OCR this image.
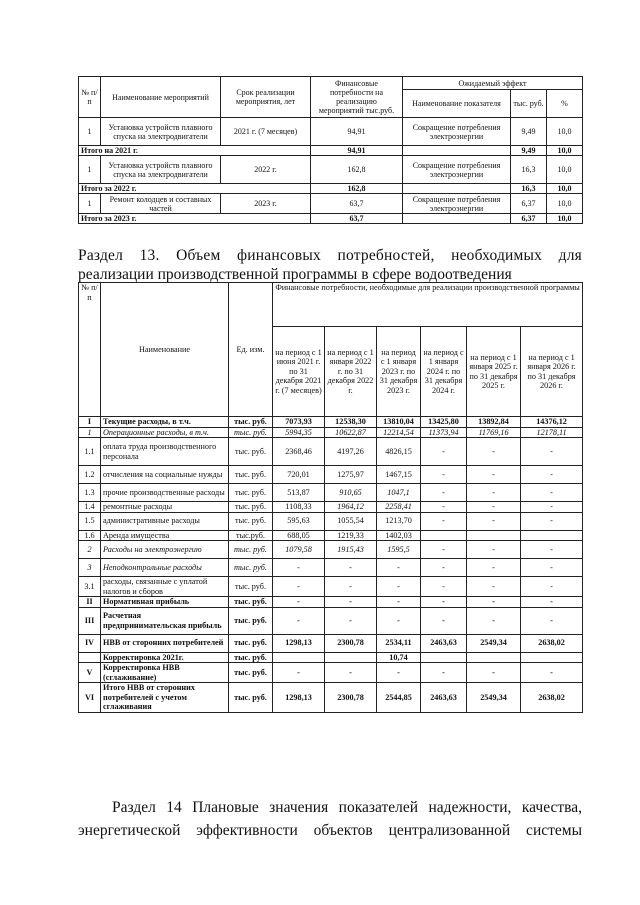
№ п/ п	Наименование мероприятий	Срок реализации мероприятия, лет	Финансовые потребности на реализацию мероприятий тыс.руб.	Ожидаемый эффект		
				Наименование показателя	тыс. руб.	%
1	Установка устройств плавного спуска на электродвигатели	2021 г. (7 месяцев)	94,91	Сокращение потребления электроэнергии	9,49	10,0
Итого на 2021 г.			94,91		9,49	10,0
1	Установка устройств плавного спуска на электродвигатели	2022 г.	162,8	Сокращение потребления электроэнергии	16,3	10,0
Итого за 2022 г.			162,8		16,3	10,0
1	Ремонт колодцев и составных частей	2023 г.	63,7	Сокращение потребления электроэнергии	6,37	10,0
Итого за 2023 г.			63,7		6,37	10,0
Раздел 13. Объем финансовых потребностей, необходимых для
реализации производственной программы в сфере водоотведения
№ п/ п	Наименование	Ед. изм.	Финансовые потребности, необходимые для реализации производственной программы					
			на период с 1 июня 2021 г. по 31 декабря 2021 г. (7 месяцев)	на период с 1 января 2022 г. по 31 декабря 2022 г.	на период с 1 января 2023 г. по 31 декабря 2023 г.	на период с 1 января 2024 г. по 31 декабря 2024 г.	на период с 1 января 2025 г. по 31 декабря 2025 г.	на период с 1 января 2026 г. по 31 декабря 2026 г.
I	Текущие расходы, в т.ч.	тыс. руб.	7073,93	12538,30	13810,04	13425,80	13892,84	14376,12
1	Операционные расходы, в т.ч.	тыс. руб.	5994,35	10622,87	12214,54	11373,94	11769,16	12178,11
1.1	оплата труда производственного персонала	тыс. руб.	2368,46	4197,26	4826,15	-	-	-
1.2	отчисления на социальные нужды	тыс. руб.	720,01	1275,97	1467,15	-	-	-
1.3	прочие производственные расходы	тыс. руб.	513,87	910,65	1047,1	-	-	-
1.4	ремонтные расходы	тыс. руб.	1108,33	1964,12	2258,41	-	-	-
1.5	административные расходы	тыс. руб.	595,63	1055,54	1213,70	-	-	-
1.6	Аренда имущества	тыс.руб.	688,05	1219,33	1402,03			
2	Расходы на электроэнергию	тыс. руб.	1079,58	1915,43	1595,5	-	-	-
3	Неподконтрольные расходы	тыс. руб.	-	-	-	-	-	-
3.1	расходы, связанные с уплатой налогов и сборов	тыс. руб.	-	-	-	-	-	-
II	Нормативная прибыль	тыс. руб.	-	-	-	-	-	-
III	Расчетная предпринимательская прибыль	тыс. руб.	-	-	-	-	-	-
IV	НВВ от сторонних потребителей	тыс. руб.	1298,13	2300,78	2534,11	2463,63	2549,34	2638,02
	Корректировка 2021г.	тыс. руб.			10,74			
V	Корректировка НВВ (сглаживание)	тыс. руб.	-	-	-	-	-	-
VI	Итого НВВ от сторонних потребителей с учетом сглаживания	тыс. руб.	1298,13	2300,78	2544,85	2463,63	2549,34	2638,02
Раздел 14 Плановые значения показателей надежности, качества,
энергетической эффективности объектов централизованной системы
